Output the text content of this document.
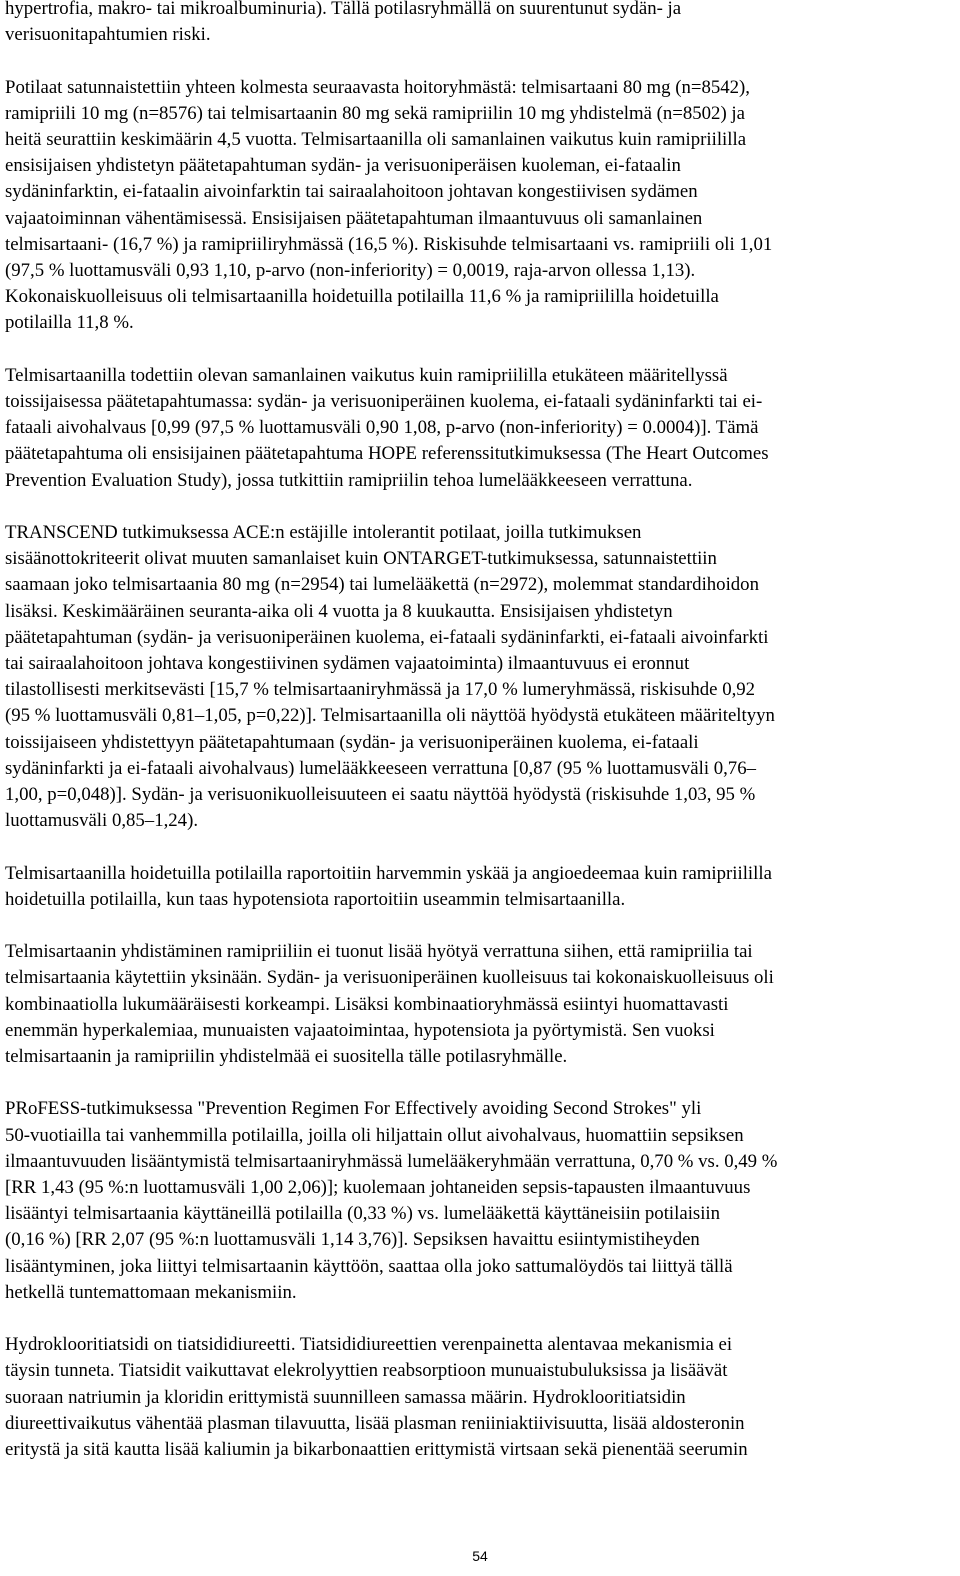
hypertrofia, makro- tai mikroalbuminuria). Tällä potilasryhmällä on suurentunut sydän- ja
verisuonitapahtumien riski.
Potilaat satunnaistettiin yhteen kolmesta seuraavasta hoitoryhmästä: telmisartaani 80 mg (n=8542),
ramipriili 10 mg (n=8576) tai telmisartaanin 80 mg sekä ramipriilin 10 mg yhdistelmä (n=8502) ja
heitä seurattiin keskimäärin 4,5 vuotta. Telmisartaanilla oli samanlainen vaikutus kuin ramipriililla
ensisijaisen yhdistetyn päätetapahtuman sydän- ja verisuoniperäisen kuoleman, ei-fataalin
sydäninfarktin, ei-fataalin aivoinfarktin tai sairaalahoitoon johtavan kongestiivisen sydämen
vajaatoiminnan vähentämisessä. Ensisijaisen päätetapahtuman ilmaantuvuus oli samanlainen
telmisartaani- (16,7 %) ja ramipriiliryhmässä (16,5 %). Riskisuhde telmisartaani vs. ramipriili oli 1,01
(97,5 % luottamusväli 0,93 1,10, p-arvo (non-inferiority) = 0,0019, raja-arvon ollessa 1,13).
Kokonaiskuolleisuus oli telmisartaanilla hoidetuilla potilailla 11,6 % ja ramipriililla hoidetuilla
potilailla 11,8 %.
Telmisartaanilla todettiin olevan samanlainen vaikutus kuin ramipriililla etukäteen määritellyssä
toissijaisessa päätetapahtumassa: sydän- ja verisuoniperäinen kuolema, ei-fataali sydäninfarkti tai ei-
fataali aivohalvaus [0,99 (97,5 % luottamusväli 0,90 1,08, p-arvo (non-inferiority) = 0.0004)]. Tämä
päätetapahtuma oli ensisijainen päätetapahtuma HOPE referenssitutkimuksessa (The Heart Outcomes
Prevention Evaluation Study), jossa tutkittiin ramipriilin tehoa lumelääkkeeseen verrattuna.
TRANSCEND tutkimuksessa ACE:n estäjille intolerantit potilaat, joilla tutkimuksen
sisäänottokriteerit olivat muuten samanlaiset kuin ONTARGET-tutkimuksessa, satunnaistettiin
saamaan joko telmisartaania 80 mg (n=2954) tai lumelääkettä (n=2972), molemmat standardihoidon
lisäksi. Keskimääräinen seuranta-aika oli 4 vuotta ja 8 kuukautta. Ensisijaisen yhdistetyn
päätetapahtuman (sydän- ja verisuoniperäinen kuolema, ei-fataali sydäninfarkti, ei-fataali aivoinfarkti
tai sairaalahoitoon johtava kongestiivinen sydämen vajaatoiminta) ilmaantuvuus ei eronnut
tilastollisesti merkitsevästi [15,7 % telmisartaaniryhmässä ja 17,0 % lumeryhmässä, riskisuhde 0,92
(95 % luottamusväli 0,81–1,05, p=0,22)]. Telmisartaanilla oli näyttöä hyödystä etukäteen määriteltyyn
toissijaiseen yhdistettyyn päätetapahtumaan (sydän- ja verisuoniperäinen kuolema, ei-fataali
sydäninfarkti ja ei-fataali aivohalvaus) lumelääkkeeseen verrattuna [0,87 (95 % luottamusväli 0,76–
1,00, p=0,048)]. Sydän- ja verisuonikuolleisuuteen ei saatu näyttöä hyödystä (riskisuhde 1,03, 95 %
luottamusväli 0,85–1,24).
Telmisartaanilla hoidetuilla potilailla raportoitiin harvemmin yskää ja angioedeemaa kuin ramipriililla
hoidetuilla potilailla, kun taas hypotensiota raportoitiin useammin telmisartaanilla.
Telmisartaanin yhdistäminen ramipriiliin ei tuonut lisää hyötyä verrattuna siihen, että ramipriilia tai
telmisartaania käytettiin yksinään. Sydän- ja verisuoniperäinen kuolleisuus tai kokonaiskuolleisuus oli
kombinaatiolla lukumääräisesti korkeampi. Lisäksi kombinaatioryhmässä esiintyi huomattavasti
enemmän hyperkalemiaa, munuaisten vajaatoimintaa, hypotensiota ja pyörtymistä. Sen vuoksi
telmisartaanin ja ramipriilin yhdistelmää ei suositella tälle potilasryhmälle.
PRoFESS-tutkimuksessa "Prevention Regimen For Effectively avoiding Second Strokes" yli
50-vuotiailla tai vanhemmilla potilailla, joilla oli hiljattain ollut aivohalvaus, huomattiin sepsiksen
ilmaantuvuuden lisääntymistä telmisartaaniryhmässä lumelääkeryhmään verrattuna, 0,70 % vs. 0,49 %
[RR 1,43 (95 %:n luottamusväli 1,00 2,06)]; kuolemaan johtaneiden sepsis-tapausten ilmaantuvuus
lisääntyi telmisartaania käyttäneillä potilailla (0,33 %) vs. lumelääkettä käyttäneisiin potilaisiin
(0,16 %) [RR 2,07 (95 %:n luottamusväli 1,14 3,76)]. Sepsiksen havaittu esiintymistiheyden
lisääntyminen, joka liittyi telmisartaanin käyttöön, saattaa olla joko sattumalöydös tai liittyä tällä
hetkellä tuntemattomaan mekanismiin.
Hydroklooritiatsidi on tiatsididiureetti. Tiatsididiureettien verenpainetta alentavaa mekanismia ei
täysin tunneta. Tiatsidit vaikuttavat elekrolyyttien reabsorptioon munuaistubuluksissa ja lisäävät
suoraan natriumin ja kloridin erittymistä suunnilleen samassa määrin. Hydroklooritiatsidin
diureettivaikutus vähentää plasman tilavuutta, lisää plasman reniiniaktiivisuutta, lisää aldosteronin
eritystä ja sitä kautta lisää kaliumin ja bikarbonaattien erittymistä virtsaan sekä pienentää seerumin
54
